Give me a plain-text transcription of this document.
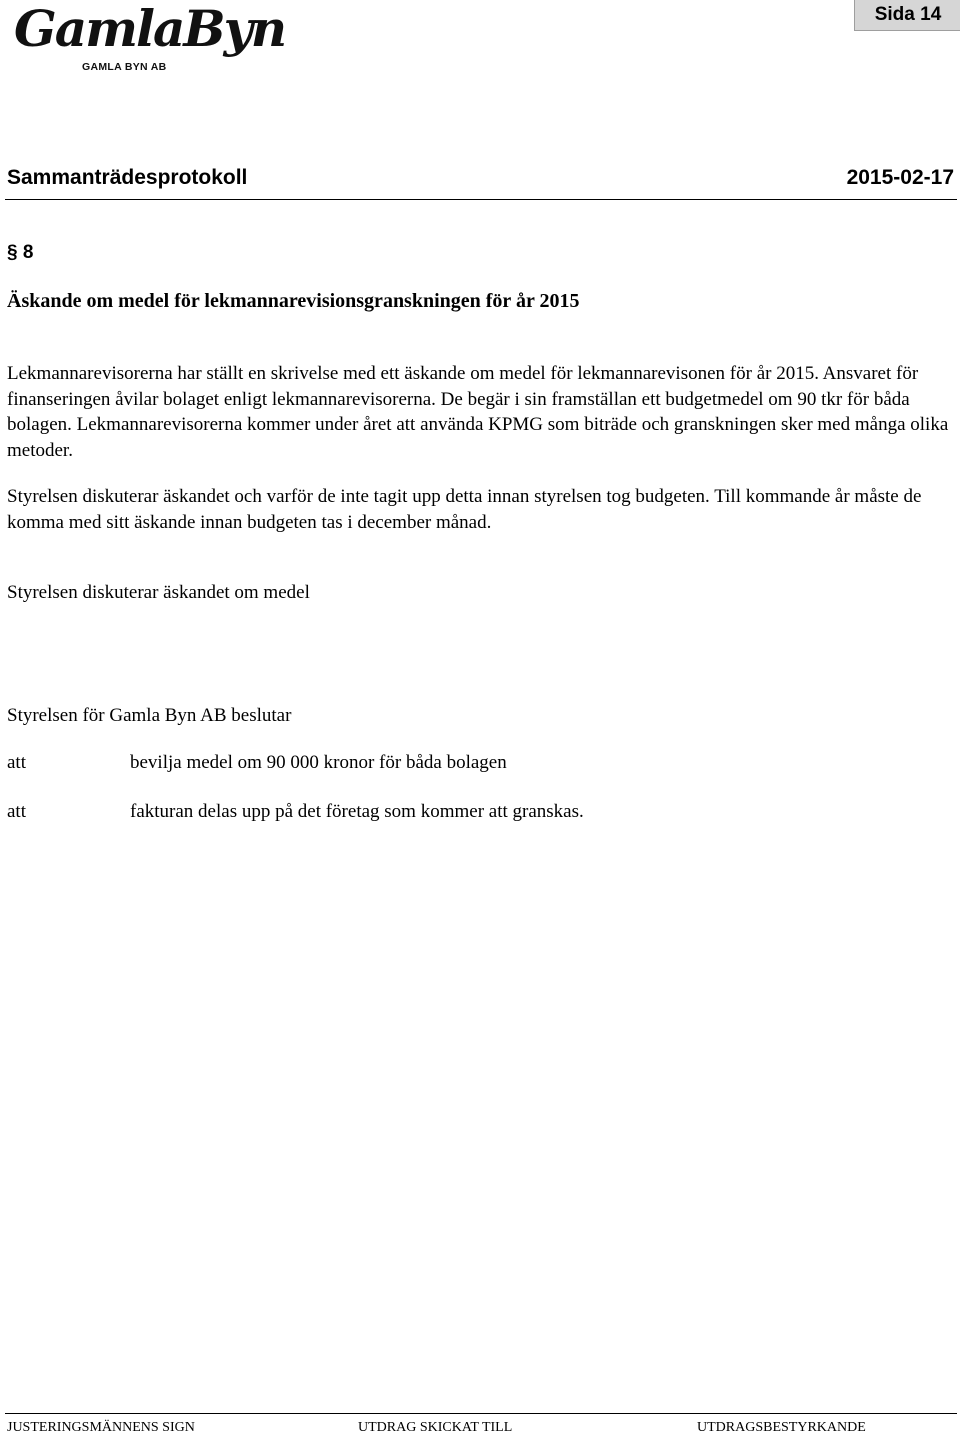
GamlaByn
GAMLA BYN AB
Sida 14
Sammanträdesprotokoll	2015-02-17
§ 8
Äskande om medel för lekmannarevisionsgranskningen för år 2015
Lekmannarevisorerna har ställt en skrivelse med ett äskande om medel för lekmannarevisonen för år 2015. Ansvaret för finanseringen åvilar bolaget enligt lekmannarevisorerna. De begär i sin framställan ett budgetmedel om 90 tkr för båda bolagen. Lekmannarevisorerna kommer under året att använda KPMG som biträde och granskningen sker med många olika metoder.
Styrelsen diskuterar äskandet och varför de inte tagit upp detta innan styrelsen tog budgeten. Till kommande år måste de komma med sitt äskande innan budgeten tas i december månad.
Styrelsen diskuterar äskandet om medel
Styrelsen för Gamla Byn AB beslutar
att	bevilja medel om 90 000 kronor för båda bolagen
att	fakturan delas upp på det företag som kommer att granskas.
JUSTERINGSMÄNNENS SIGN	UTDRAG SKICKAT TILL	UTDRAGSBESTYRKANDE
